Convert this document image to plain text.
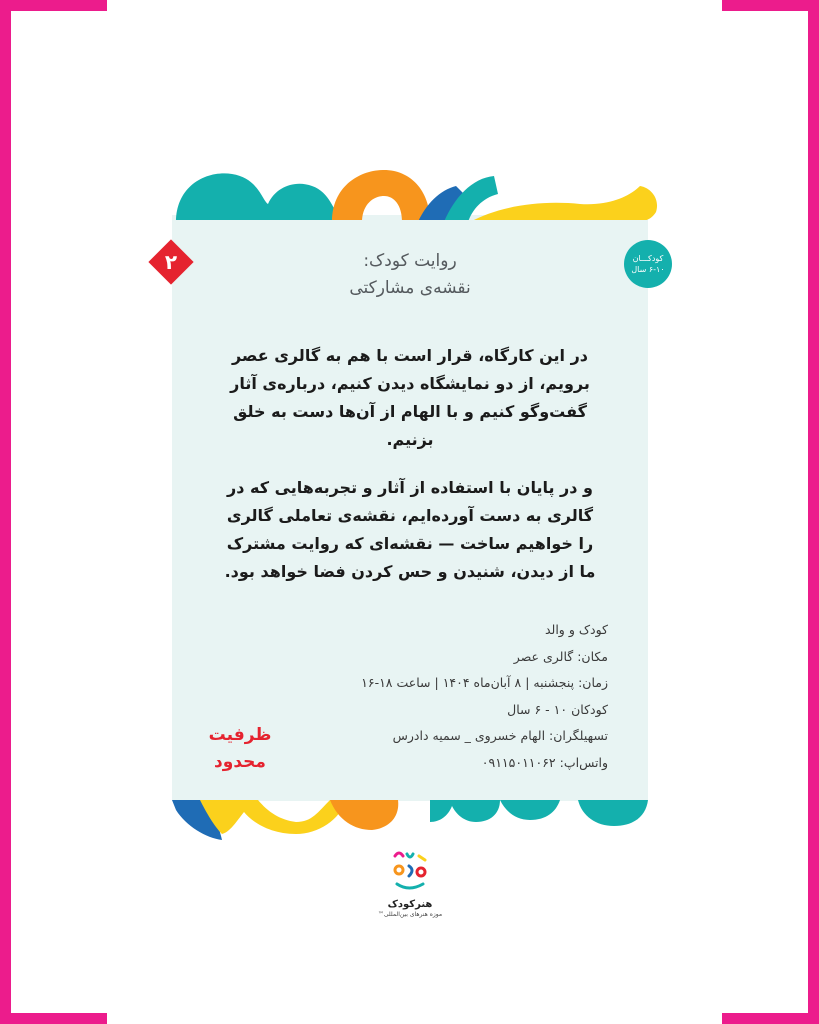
۲	کودکـــان
۶-۱۰ سال
روایت کودک:
نقشه‌ی مشارکتی
در این کارگاه، قرار است با هم به گالری عصر برویم، از دو نمایشگاه دیدن کنیم، درباره‌ی آثار گفت‌وگو کنیم و با الهام از آن‌ها دست به خلق بزنیم.
و در پایان با استفاده از آثار و تجربه‌هایی که در گالری به دست آورده‌ایم، نقشه‌ی تعاملی گالری را خواهیم ساخت — نقشه‌ای که روایت مشترک ما از دیدن، شنیدن و حس کردن فضا خواهد بود.
کودک و والد
مکان: گالری عصر
زمان: پنجشنبه | ۸ آبان‌ماه ۱۴۰۴ | ساعت ۱۸-۱۶
کودکان ۱۰ - ۶ سال
تسهیلگران: الهام خسروی _ سمیه دادرس
واتس‌اپ: ۰۹۱۱۵۰۱۱۰۶۲
ظرفیت
محدود
هنرکودک
موزه هنرهای بین‌المللی™
